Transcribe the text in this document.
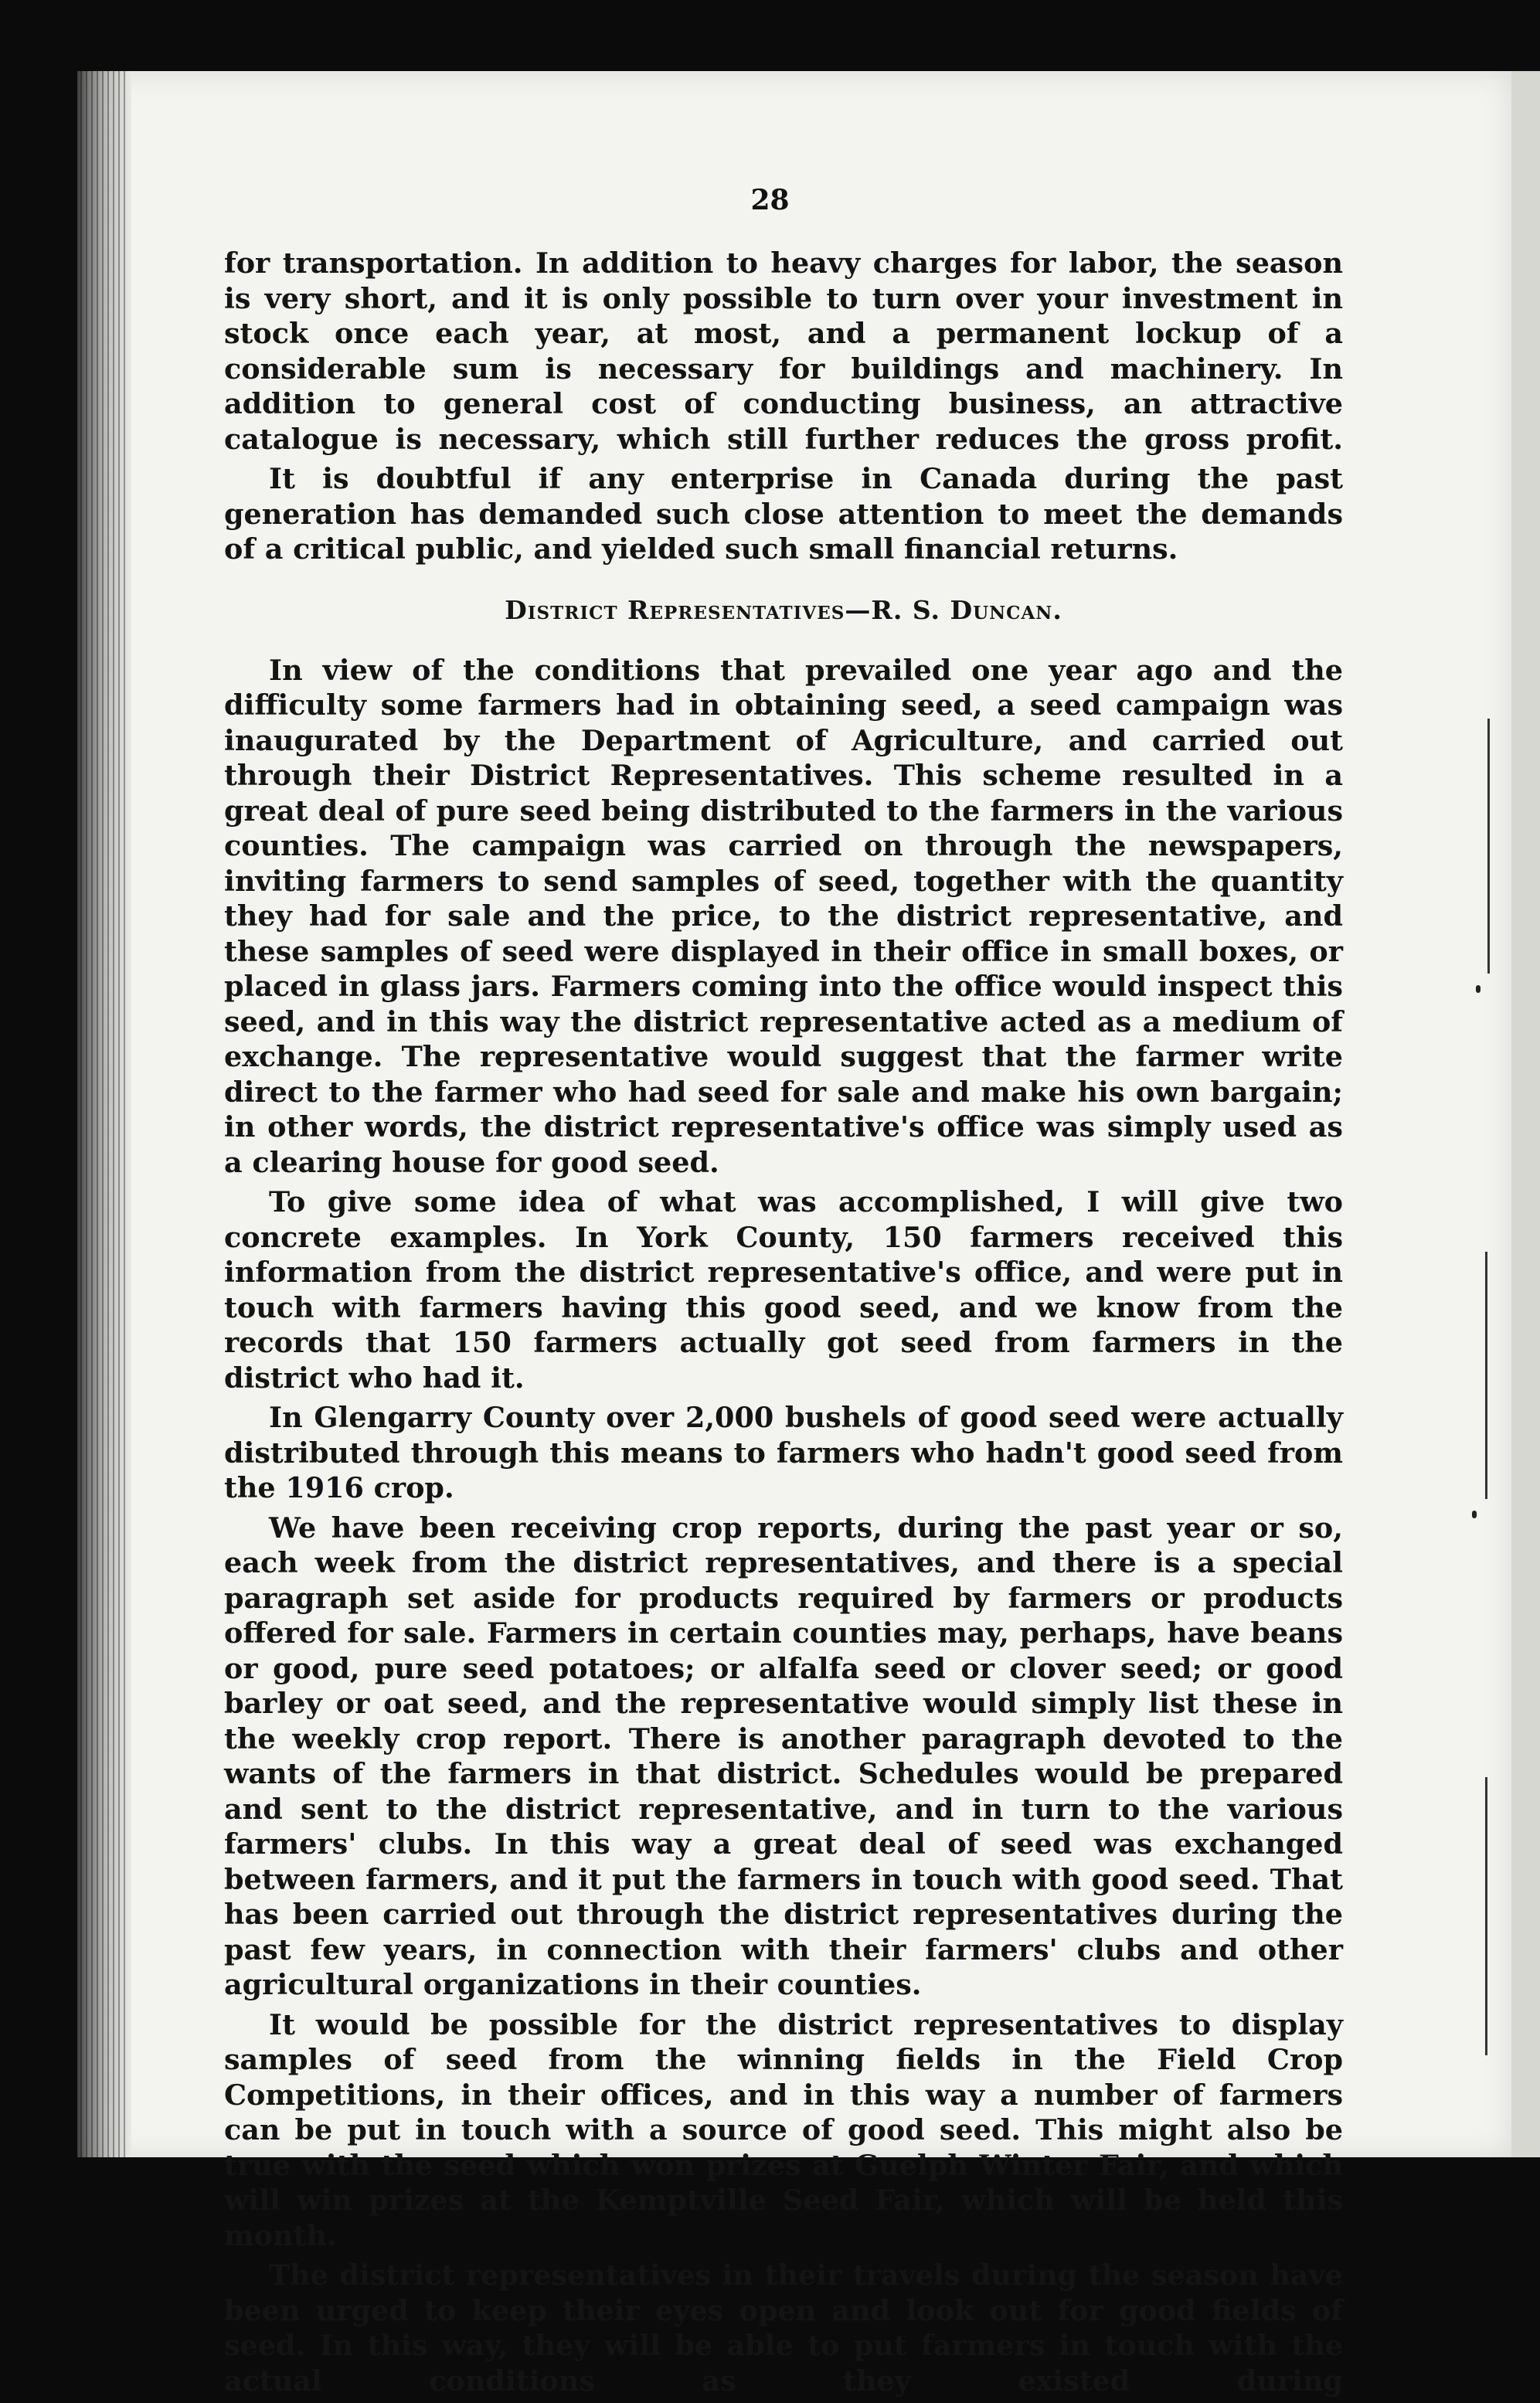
28

for transportation. In addition to heavy charges for labor, the season is very short, and it is only possible to turn over your investment in stock once each year, at most, and a permanent lockup of a considerable sum is necessary for buildings and machinery. In addition to general cost of conducting business, an attractive catalogue is necessary, which still further reduces the gross profit.

It is doubtful if any enterprise in Canada during the past generation has demanded such close attention to meet the demands of a critical public, and yielded such small financial returns.

District Representatives—R. S. Duncan.

In view of the conditions that prevailed one year ago and the difficulty some farmers had in obtaining seed, a seed campaign was inaugurated by the Department of Agriculture, and carried out through their District Representatives. This scheme resulted in a great deal of pure seed being distributed to the farmers in the various counties. The campaign was carried on through the newspapers, inviting farmers to send samples of seed, together with the quantity they had for sale and the price, to the district representative, and these samples of seed were displayed in their office in small boxes, or placed in glass jars. Farmers coming into the office would inspect this seed, and in this way the district representative acted as a medium of exchange. The representative would suggest that the farmer write direct to the farmer who had seed for sale and make his own bargain; in other words, the district representative's office was simply used as a clearing house for good seed.

To give some idea of what was accomplished, I will give two concrete examples. In York County, 150 farmers received this information from the district representative's office, and were put in touch with farmers having this good seed, and we know from the records that 150 farmers actually got seed from farmers in the district who had it.

In Glengarry County over 2,000 bushels of good seed were actually distributed through this means to farmers who hadn't good seed from the 1916 crop.

We have been receiving crop reports, during the past year or so, each week from the district representatives, and there is a special paragraph set aside for products required by farmers or products offered for sale. Farmers in certain counties may, perhaps, have beans or good, pure seed potatoes; or alfalfa seed or clover seed; or good barley or oat seed, and the representative would simply list these in the weekly crop report. There is another paragraph devoted to the wants of the farmers in that district. Schedules would be prepared and sent to the district representative, and in turn to the various farmers' clubs. In this way a great deal of seed was exchanged between farmers, and it put the farmers in touch with good seed. That has been carried out through the district representatives during the past few years, in connection with their farmers' clubs and other agricultural organizations in their counties.

It would be possible for the district representatives to display samples of seed from the winning fields in the Field Crop Competitions, in their offices, and in this way a number of farmers can be put in touch with a source of good seed. This might also be true with the seed which won prizes at Guelph Winter Fair, and which will win prizes at the Kemptville Seed Fair, which will be held this month.

The district representatives in their travels during the season have been urged to keep their eyes open and look out for good fields of seed. In this way, they will be able to put farmers in touch with the actual conditions as they existed during
